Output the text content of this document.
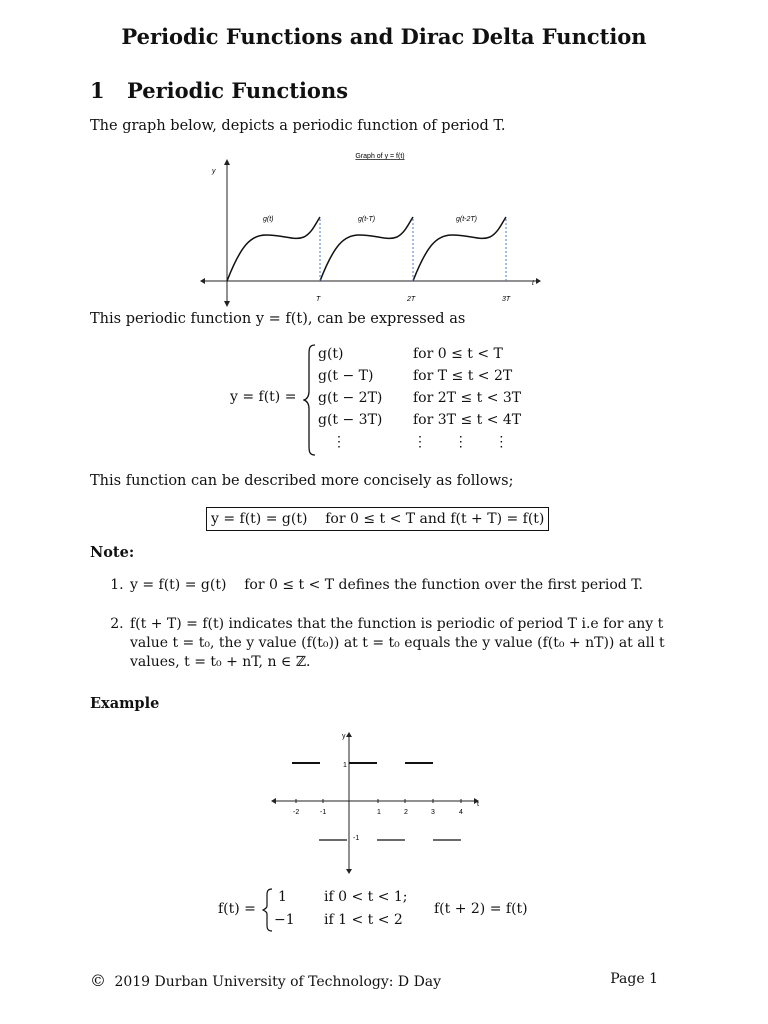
Periodic Functions and Dirac Delta Function
1 Periodic Functions
The graph below, depicts a periodic function of period T.
Graph of y = f(t)
y
t
g(t)	g(t-T)	g(t-2T)
T	2T	3T
This periodic function y = f(t), can be expressed as
y = f(t) =
g(t)	for 0 ≤ t < T
g(t − T)	for T ≤ t < 2T
g(t − 2T)	for 2T ≤ t < 3T
g(t − 3T)	for 3T ≤ t < 4T
⋮	⋮      ⋮      ⋮
This function can be described more concisely as follows;
y = f(t) = g(t)    for 0 ≤ t < T and f(t + T) = f(t)
Note:
1. y = f(t) = g(t)    for 0 ≤ t < T defines the function over the first period T.
2. f(t + T) = f(t) indicates that the function is periodic of period T i.e for any t value t = t₀, the y value (f(t₀)) at t = t₀ equals the y value (f(t₀ + nT)) at all t values, t = t₀ + nT, n ∈ ℤ.
Example
y
t
-2	-1	1	2	3	4
1
-1
f(t) =
1	if 0 < t < 1;
−1 if 1 < t < 2
f(t + 2) = f(t)
© 2019 Durban University of Technology: D Day	Page 1
